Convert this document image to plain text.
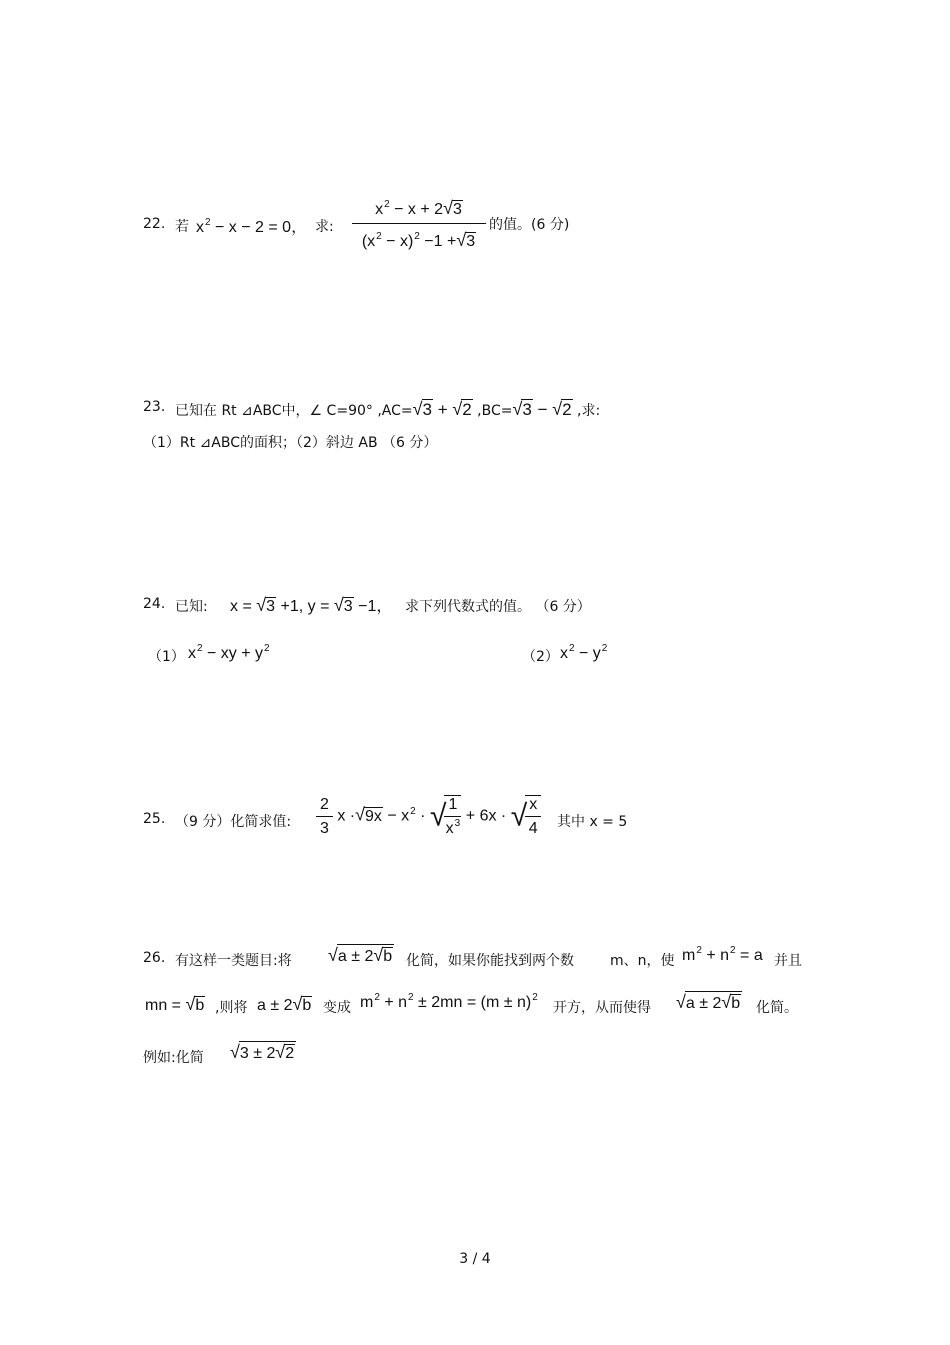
22. 若 $x^2 - x - 2 = 0$， 求: $\frac{x^2 - x + 2√3}{(x^2 - x)^2 -1 +√3}$ 的值。(6 分)
23. 已知在 Rt ⊿ABC中，∠ C=90° ,AC=√3 + √2 ,BC=√3 − √2 ,求:
（1）Rt ⊿ABC的面积；（2）斜边 AB （6 分）
24. 已知: x = √3 +1, y = √3 −1， 求下列代数式的值。 （6 分）
（1） $x^2$ − xy + $y^2$
（2） $x^2 - y^2$
25. （9 分）化简求值: $\frac{2}{3}$ $x \cdot√9x - x^2$ · √
$\frac{1}{x^3} + 6x$ · √
$\frac{x}{4}$ 其中 x = 5
26. 有这样一类题目:将 √a ± 2√b 化简，如果你能找到两个数	m、n，使 $m^2 + n^2 = a$ 并且
mn = √b ,则将 a ± 2√b 变成 $m^2 + n^2 \pm 2mn = (m \pm n)^2$
开方，从而使得 √a ± 2√b 化简。
例如:化简 √3 ± 2√2
3 / 4
